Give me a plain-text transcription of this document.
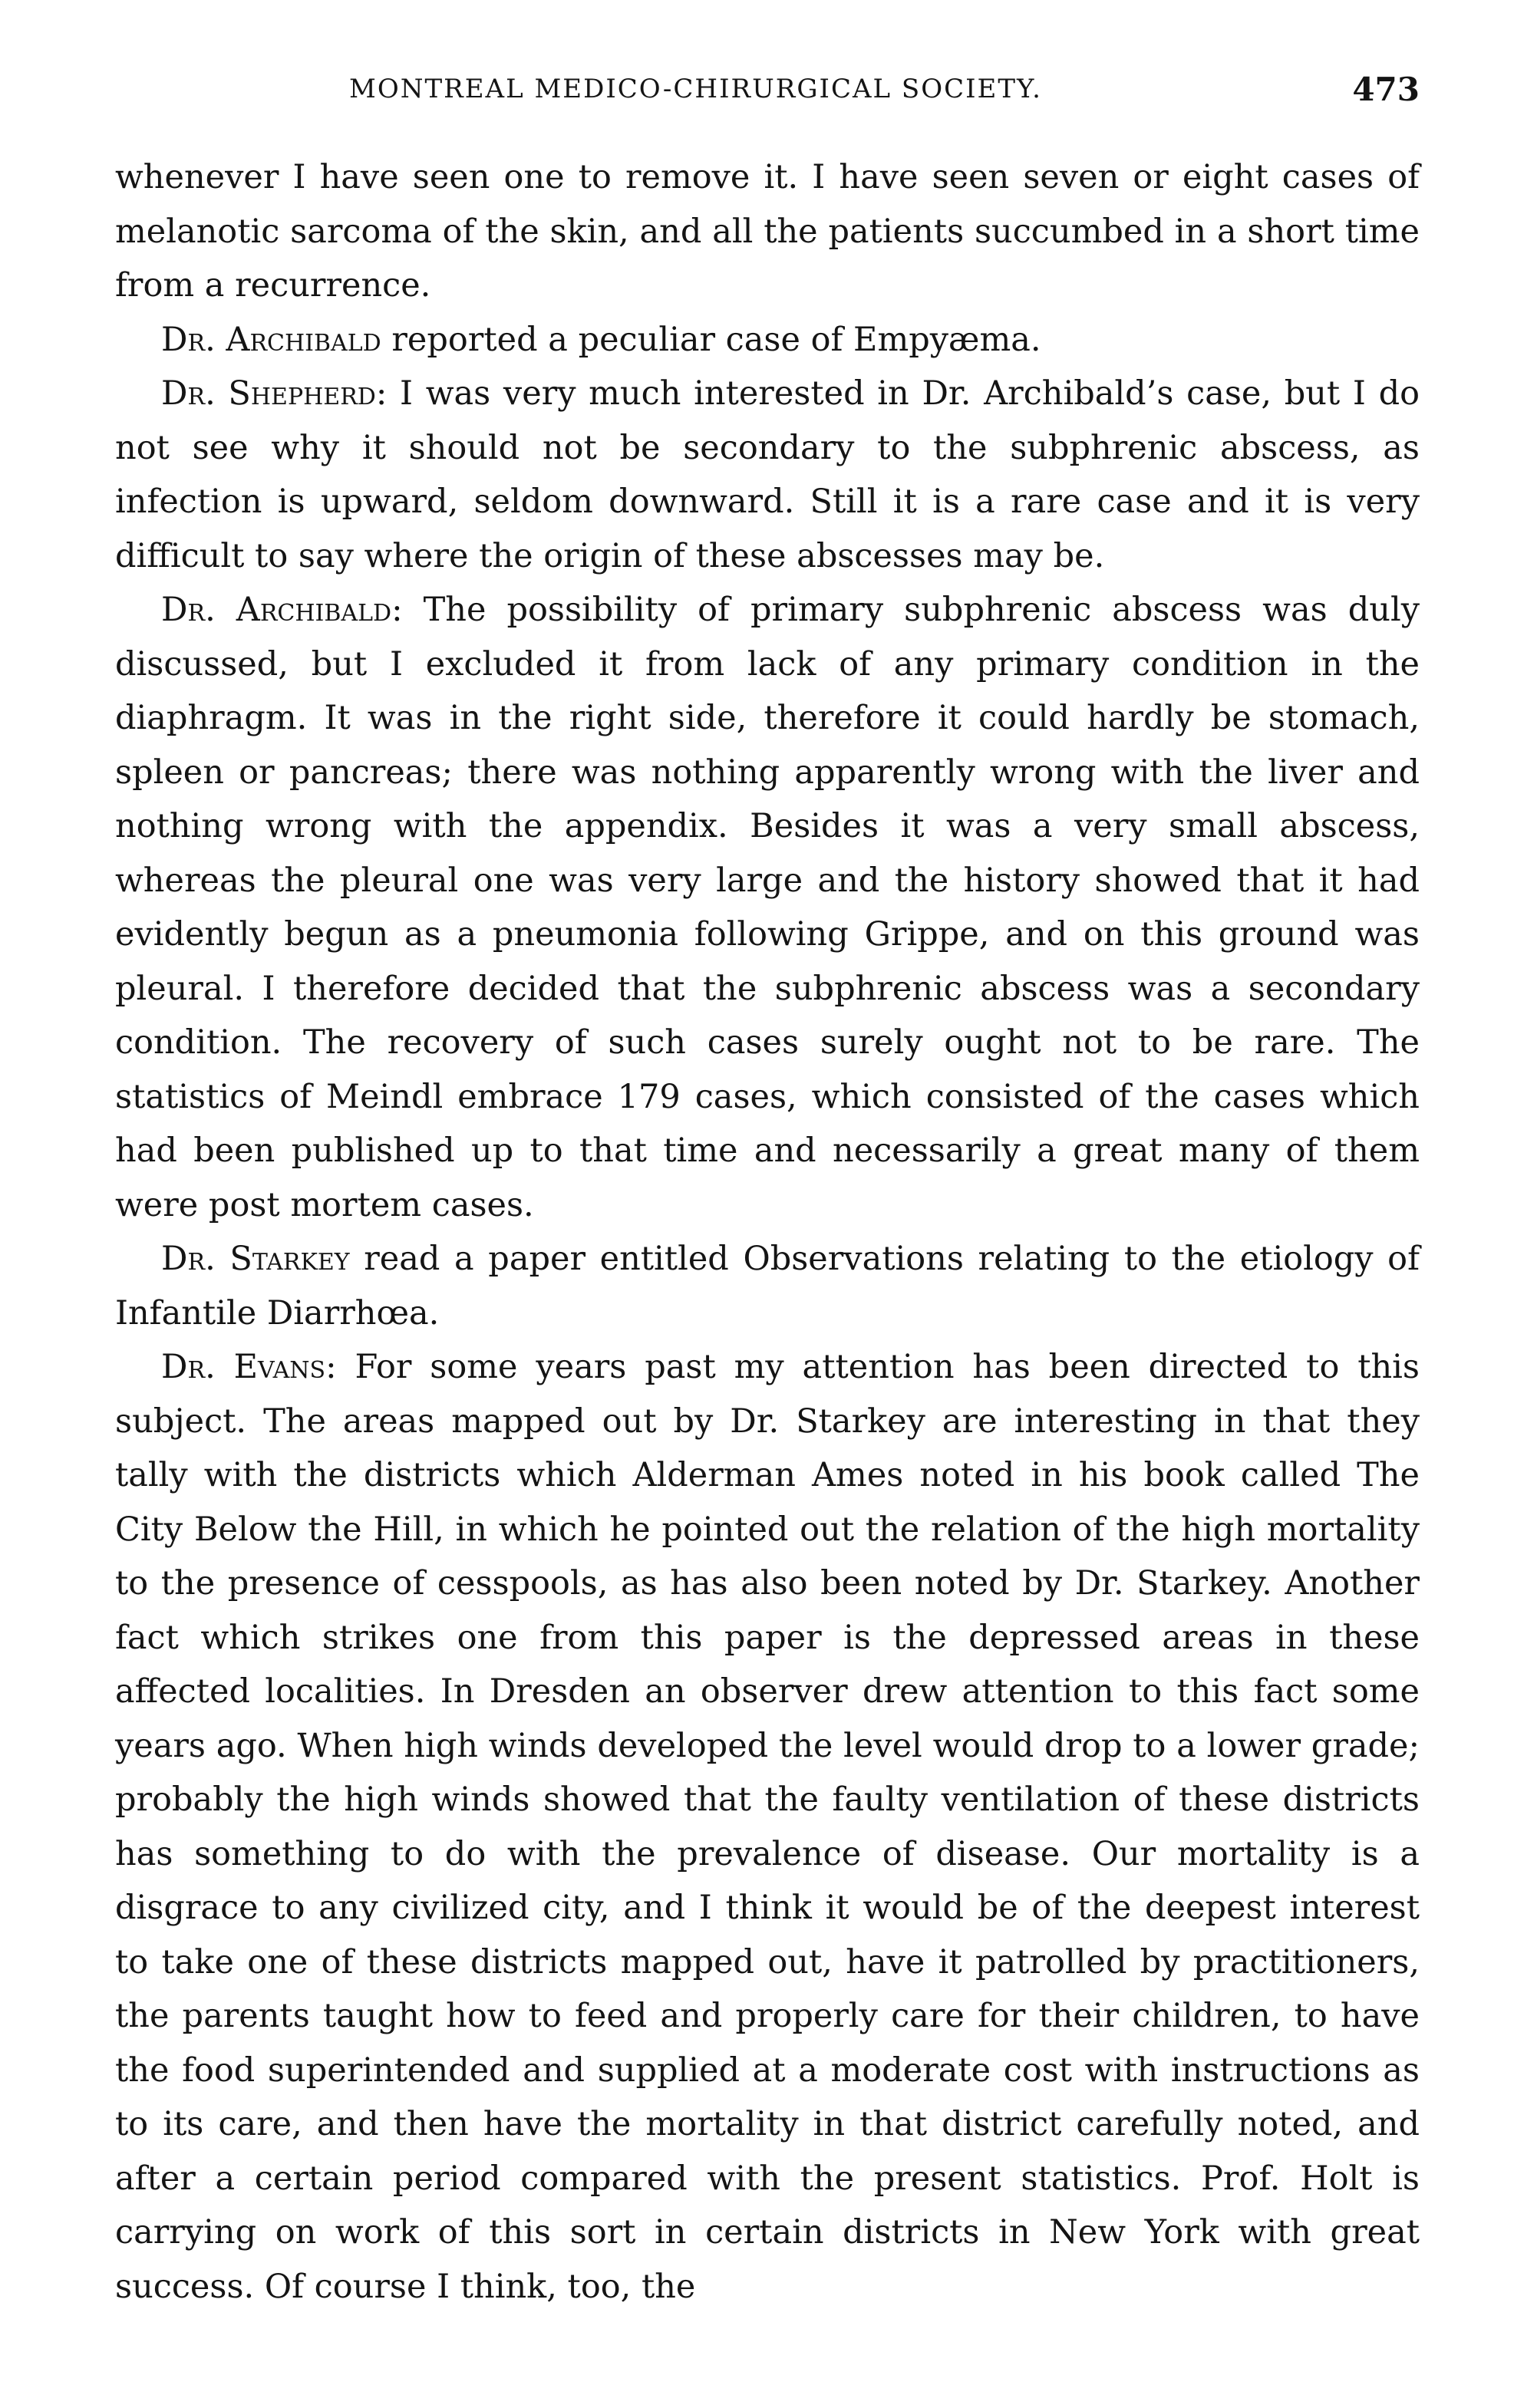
MONTREAL MEDICO-CHIRURGICAL SOCIETY.	473

whenever I have seen one to remove it. I have seen seven or eight cases of melanotic sarcoma of the skin, and all the patients succumbed in a short time from a recurrence.

Dr. Archibald reported a peculiar case of Empyæma.

Dr. Shepherd: I was very much interested in Dr. Archibald’s case, but I do not see why it should not be secondary to the subphrenic abscess, as infection is upward, seldom downward. Still it is a rare case and it is very difficult to say where the origin of these abscesses may be.

Dr. Archibald: The possibility of primary subphrenic abscess was duly discussed, but I excluded it from lack of any primary condition in the diaphragm. It was in the right side, therefore it could hardly be stomach, spleen or pancreas; there was nothing apparently wrong with the liver and nothing wrong with the appendix. Besides it was a very small abscess, whereas the pleural one was very large and the history showed that it had evidently begun as a pneumonia following Grippe, and on this ground was pleural. I therefore decided that the subphrenic abscess was a secondary condition. The recovery of such cases surely ought not to be rare. The statistics of Meindl embrace 179 cases, which consisted of the cases which had been published up to that time and necessarily a great many of them were post mortem cases.

Dr. Starkey read a paper entitled Observations relating to the etiology of Infantile Diarrhœa.

Dr. Evans: For some years past my attention has been directed to this subject. The areas mapped out by Dr. Starkey are interesting in that they tally with the districts which Alderman Ames noted in his book called The City Below the Hill, in which he pointed out the relation of the high mortality to the presence of cesspools, as has also been noted by Dr. Starkey. Another fact which strikes one from this paper is the depressed areas in these affected localities. In Dresden an observer drew attention to this fact some years ago. When high winds developed the level would drop to a lower grade; probably the high winds showed that the faulty ventilation of these districts has something to do with the prevalence of disease. Our mortality is a disgrace to any civilized city, and I think it would be of the deepest interest to take one of these districts mapped out, have it patrolled by practitioners, the parents taught how to feed and properly care for their children, to have the food superintended and supplied at a moderate cost with instructions as to its care, and then have the mortality in that district carefully noted, and after a certain period compared with the present statistics. Prof. Holt is carrying on work of this sort in certain districts in New York with great success. Of course I think, too, the
